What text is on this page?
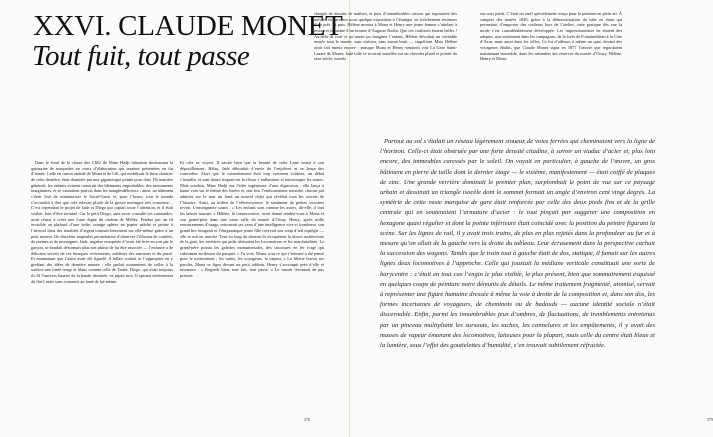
XXVI. CLAUDE MONET
Tout fuit, tout passe
Dans le fond de la classe des CM2 de Mme Hadji trônaient dorénavant la quinzaine de maquettes en cours d’élaboration qui seraient présentées en fin d’année. Celle en carton ondulé de Mona et de Lili, qui mobilisait le futur chantier de cette dernière, était dominée par une gigantesque pointe pour chat. De manière générale, les enfants avaient construit des bâtiments improbables, des monuments imaginaires, et se vaumiient parfois dans les nataglesdélicieux : ainsi, un bâtiment s’était fixé de miniaturiser le Sacré-Cœur et, pour l’heure, tout le monde s’accordait à dire que cela relevait plutôt de la grosse meringue très crasseuse… C’est cependant le projet de Jade et Diego qui captait toute l’attention, et il était visible, loin d’être terminé. Car le petit Diego, sans avoir consulté ses camarades, avait réussi à créer une Lune digne du cinéma de Méliès. Pendue par un fil invisible au plafond d’une boîte, orange sphère en papier mâché et peinte à l’aérosol dans des tonalités d’argent tournait lentement sur elle-même grâce à un petit moteur. De discrètes ampoules permettaient d’observer l’illusion de cratères, de ravines et de montagnes. Jade, naguère exaspérée d’avoir été tirée au sort par le garçon, se boudait désormais plus son plaisir de lui être associée — l’enfance a de délicates secrets de ces brusques revirements, oublieux des rancunes et du passé. Et maintenant que l’astre avait été fignolé, il fallait voulait se l’approprier en y greffant des idées de dernière minute : elle parlait notamment de coller à la surface une fusée rouge et blanc comme celle de Tintin. Diego, qui avait toujours ils fil l’univers lunaire de la bande dessinée, ne pipait mot. Il opinait sereinement du chef, mais sans consentir au fond de lui-même.
Et cela se voyait. Il savait bien que la beauté de cette Lune tenait à son dépouillement. Hélas, Jade débordait d’envie de l’enjoliver et se lança des contredire. Alors que le consentement était trop vraiment coûteux, un débat s’installa, et sans doute risquait-on la classe s’enflammer et interrompre les autres. Mais soudain, Mme Hadji eut l’idée ingénieuse d’une digression : elle lança à haute voix sur le thème des fusées et, une fois l’enthousiasme retombé, chacun put admirer sur le mur du fond un nouvel objet qui révélait tous les secrets de l’histoire. Ainsi, au milieu de l’effervescence, le sentiment de petites victoires revint. L’enseignante sourit : « Les enfants sont comme les astres, dit-elle, il faut les laisser tourner. » Hélène, la conservatrice, avait donné rendez-vous à Mona et son grand-père dans une vaste salle du musée d’Orsay. Henry, après mille renoncements d’usage, retrouvait ses yeux d’une intelligence vive et frondeuse, son grand bec bougeait et l’énigmatique jeune fille recevait son coup d’œil espiègle — elle se mit en marche. Tout au long du chemin ils évoquèrent la douce architecture de la gare, les verrières qui jadis abritaient les locomotives et les marchandises. Le grand-père pointa les galeries monumentales, des structures en fer forgé qui culminent au-dessus du parquet. « Tu vois, Mona, tout ce qui t’entoure a été pensé pour le mouvement ; les trains, les voyageurs, la vapeur. » La fillette buvait ses paroles. Mona se figea devant un petit tableau. Henry s’accroupit près d’elle et murmura : « Regarde bien, tout fuit, tout passe. » Le musée résonnait de pas pressés.
378	379
chargés de dessins de maîtres, et puis d’innombrables caisses qui reposaient des œuvres en partance pour quelque exposition à l’étranger ou fraîchement revenues d’un prêt. Et puis, Hélène montra à Mona et Henry une jeune femme s’attelant à restaurer la patine d’un bronze d’Auguste Rodin. Que ces coulisses étaient belles ! Au-delà de tout ce qu’aurait pu imaginer l’enfant, Hélène dévoilait un véritable musée sous le musée, sans visiteur, sans aucun bruit — stupéfiant. Mais Hélène avait fait mieux encore : puisque Mona et Henry venaient voir La Gare Saint-Lazare de Monet, Jade toile se trouvait installée sur un chevalet pliant et portait du xixe siècle, mordu
sur trois pieds. C’était un outil spécialement conçu pour la peinture en plein air. À compter des années 1840, grâce à la démocratisation du tube en étain qui permettait d’emporter des couleurs hors de l’atelier, cette pratique dès vue la mode s’est considérablement développée. Les impressionnistes en étaient des adeptes, non seulement dans les campagnes, de la forêt de Fontainebleau à la Côte d’Azur, mais aussi dans les villes. Ce fut d’ailleurs à même un quai, devant des voyageurs ébahis, que Claude Monet signa en 1877 l’œuvre que regardaient maintenant ensemble, dans les méandres des réserves du musée d’Orsay, Hélène, Henry et Mona.

Partout au sol s’étalait un réseau légèrement sinueux de voies ferrées qui cheminaient vers la ligne de l’horizon. Celle-ci était obstruée par une forte densité citadine, à savoir un viaduc d’acier et, plus loin encore, des immeubles caressés par le soleil. On voyait en particulier, à gauche de l’œuvre, un gros bâtiment en pierre de taille dont le dernier étage — le sixième, manifestement — était coiffé de plaques de zinc. Une grande verrière dominait le premier plan, surplombait le point de vue sur ce paysage urbain et dessinait un triangle isocèle dont le sommet formait un angle d’environ cent vingt degrés. La symétrie de cette vaste marquise de gare était renforcée par celle des deux pieds fins et de la grille centrale qui en soutenaient l’armature d’acier : le tout pinçait par suggérer une composition en hexagone quasi régulier et dont la pointe inférieure était coïncidé avec la position du peintre figurant la scène. Sur les lignes de rail, il y avait trois trains, de plus en plus rejetés dans la profondeur au fur et à mesure qu’on allait de la gauche vers la droite du tableau. Leur écrasement dans la perspective cachait la succession des wagons. Tandis que le train tout à gauche était de dos, statique, il fumait sur les autres lignes deux locomotives à l’approche. Celle qui jouxtait la médiane verticale constituait une sorte de barycentre : c’était en tout cas l’engin le plus visible, le plus présent, bien que sommairement esquissé en quelques coups de peinture noire démunis de détails. Le même traitement fragmenté, atomisé, servait à représenter une figure humaine dressée à même la voie à droite de la composition et, dans son dos, les formes incertaines de voyageurs, de cheminots ou de badauds — aucune identité sociale n’était discernable. Enfin, parmi les innombrables jeux d’ombres, de fluctuations, de tremblements entretenus par un pinceau multipliant les sursauts, les taches, les cannelures et les empâtements, il y avait des masses de vapeur émanant des locomotives, laiteuses pour la plupart, mais celle du centre était bleue et la lumière, sous l’effet des gouttelettes d’humidité, s’en trouvait subtilement réfractée.
